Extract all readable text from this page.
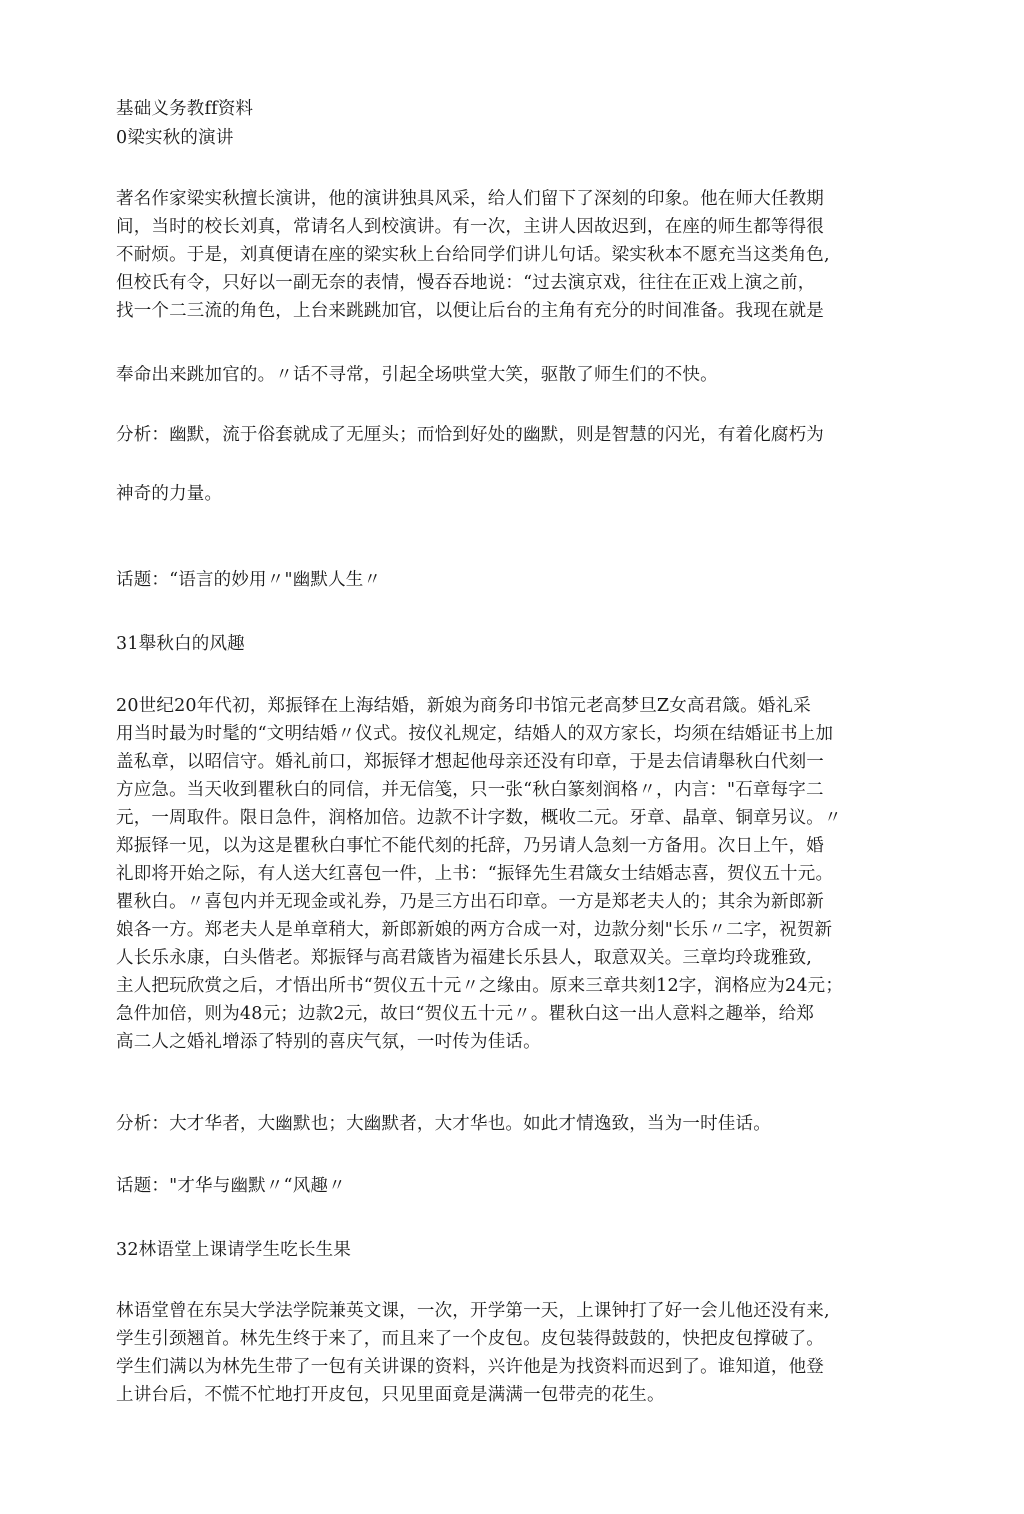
基础义务教ff资料

0梁实秋的演讲

著名作家梁实秋擅长演讲，他的演讲独具风采，给人们留下了深刻的印象。他在师大任教期
间，当时的校长刘真，常请名人到校演讲。有一次，主讲人因故迟到，在座的师生都等得很
不耐烦。于是，刘真便请在座的梁实秋上台给同学们讲儿句话。梁实秋本不愿充当这类角色,
但校氏有令，只好以一副无奈的表情，慢吞吞地说：“过去演京戏，往往在正戏上演之前，
找一个二三流的角色，上台来跳跳加官，以便让后台的主角有充分的时间准备。我现在就是

奉命出来跳加官的。〃话不寻常，引起全场哄堂大笑，驱散了师生们的不快。

分析：幽默，流于俗套就成了无厘头；而恰到好处的幽默，则是智慧的闪光，有着化腐朽为

神奇的力量。

话题：“语言的妙用〃"幽默人生〃

31舉秋白的风趣

20世纪20年代初，郑振铎在上海结婚，新娘为商务印书馆元老高梦旦Z女高君箴。婚礼采
用当时最为时髦的“文明结婚〃仪式。按仪礼规定，结婚人的双方家长，均须在结婚证书上加
盖私章，以昭信守。婚礼前口，郑振铎才想起他母亲还没有印章，于是去信请舉秋白代刻一
方应急。当天收到瞿秋白的同信，并无信笺，只一张“秋白篆刻润格〃，内言："石章每字二
元，一周取件。限日急件，润格加倍。边款不计字数，概收二元。牙章、晶章、铜章另议。〃
郑振铎一见，以为这是瞿秋白事忙不能代刻的托辞，乃另请人急刻一方备用。次日上午，婚
礼即将开始之际，有人送大红喜包一件，上书：“振铎先生君箴女士结婚志喜，贺仪五十元。
瞿秋白。〃喜包内并无现金或礼券，乃是三方出石印章。一方是郑老夫人的；其余为新郎新
娘各一方。郑老夫人是单章稍大，新郎新娘的两方合成一对，边款分刻"长乐〃二字，祝贺新
人长乐永康，白头偕老。郑振铎与高君箴皆为福建长乐县人，取意双关。三章均玲珑雅致,
主人把玩欣赏之后，才悟出所书“贺仪五十元〃之缘由。原来三章共刻12字，润格应为24元；
急件加倍，则为48元；边款2元，故曰“贺仪五十元〃。瞿秋白这一出人意料之趣举，给郑
高二人之婚礼增添了特别的喜庆气氛，一吋传为佳话。

分析：大才华者，大幽默也；大幽默者，大才华也。如此才情逸致，当为一时佳话。

话题："才华与幽默〃“风趣〃

32林语堂上课请学生吃长生果

林语堂曾在东吴大学法学院兼英文课，一次，开学第一天，上课钟打了好一会儿他还没有来,
学生引颈翘首。林先生终于来了，而且来了一个皮包。皮包装得鼓鼓的，快把皮包撑破了。
学生们满以为林先生带了一包有关讲课的资料，兴许他是为找资料而迟到了。谁知道，他登
上讲台后，不慌不忙地打开皮包，只见里面竟是满满一包带壳的花生。
